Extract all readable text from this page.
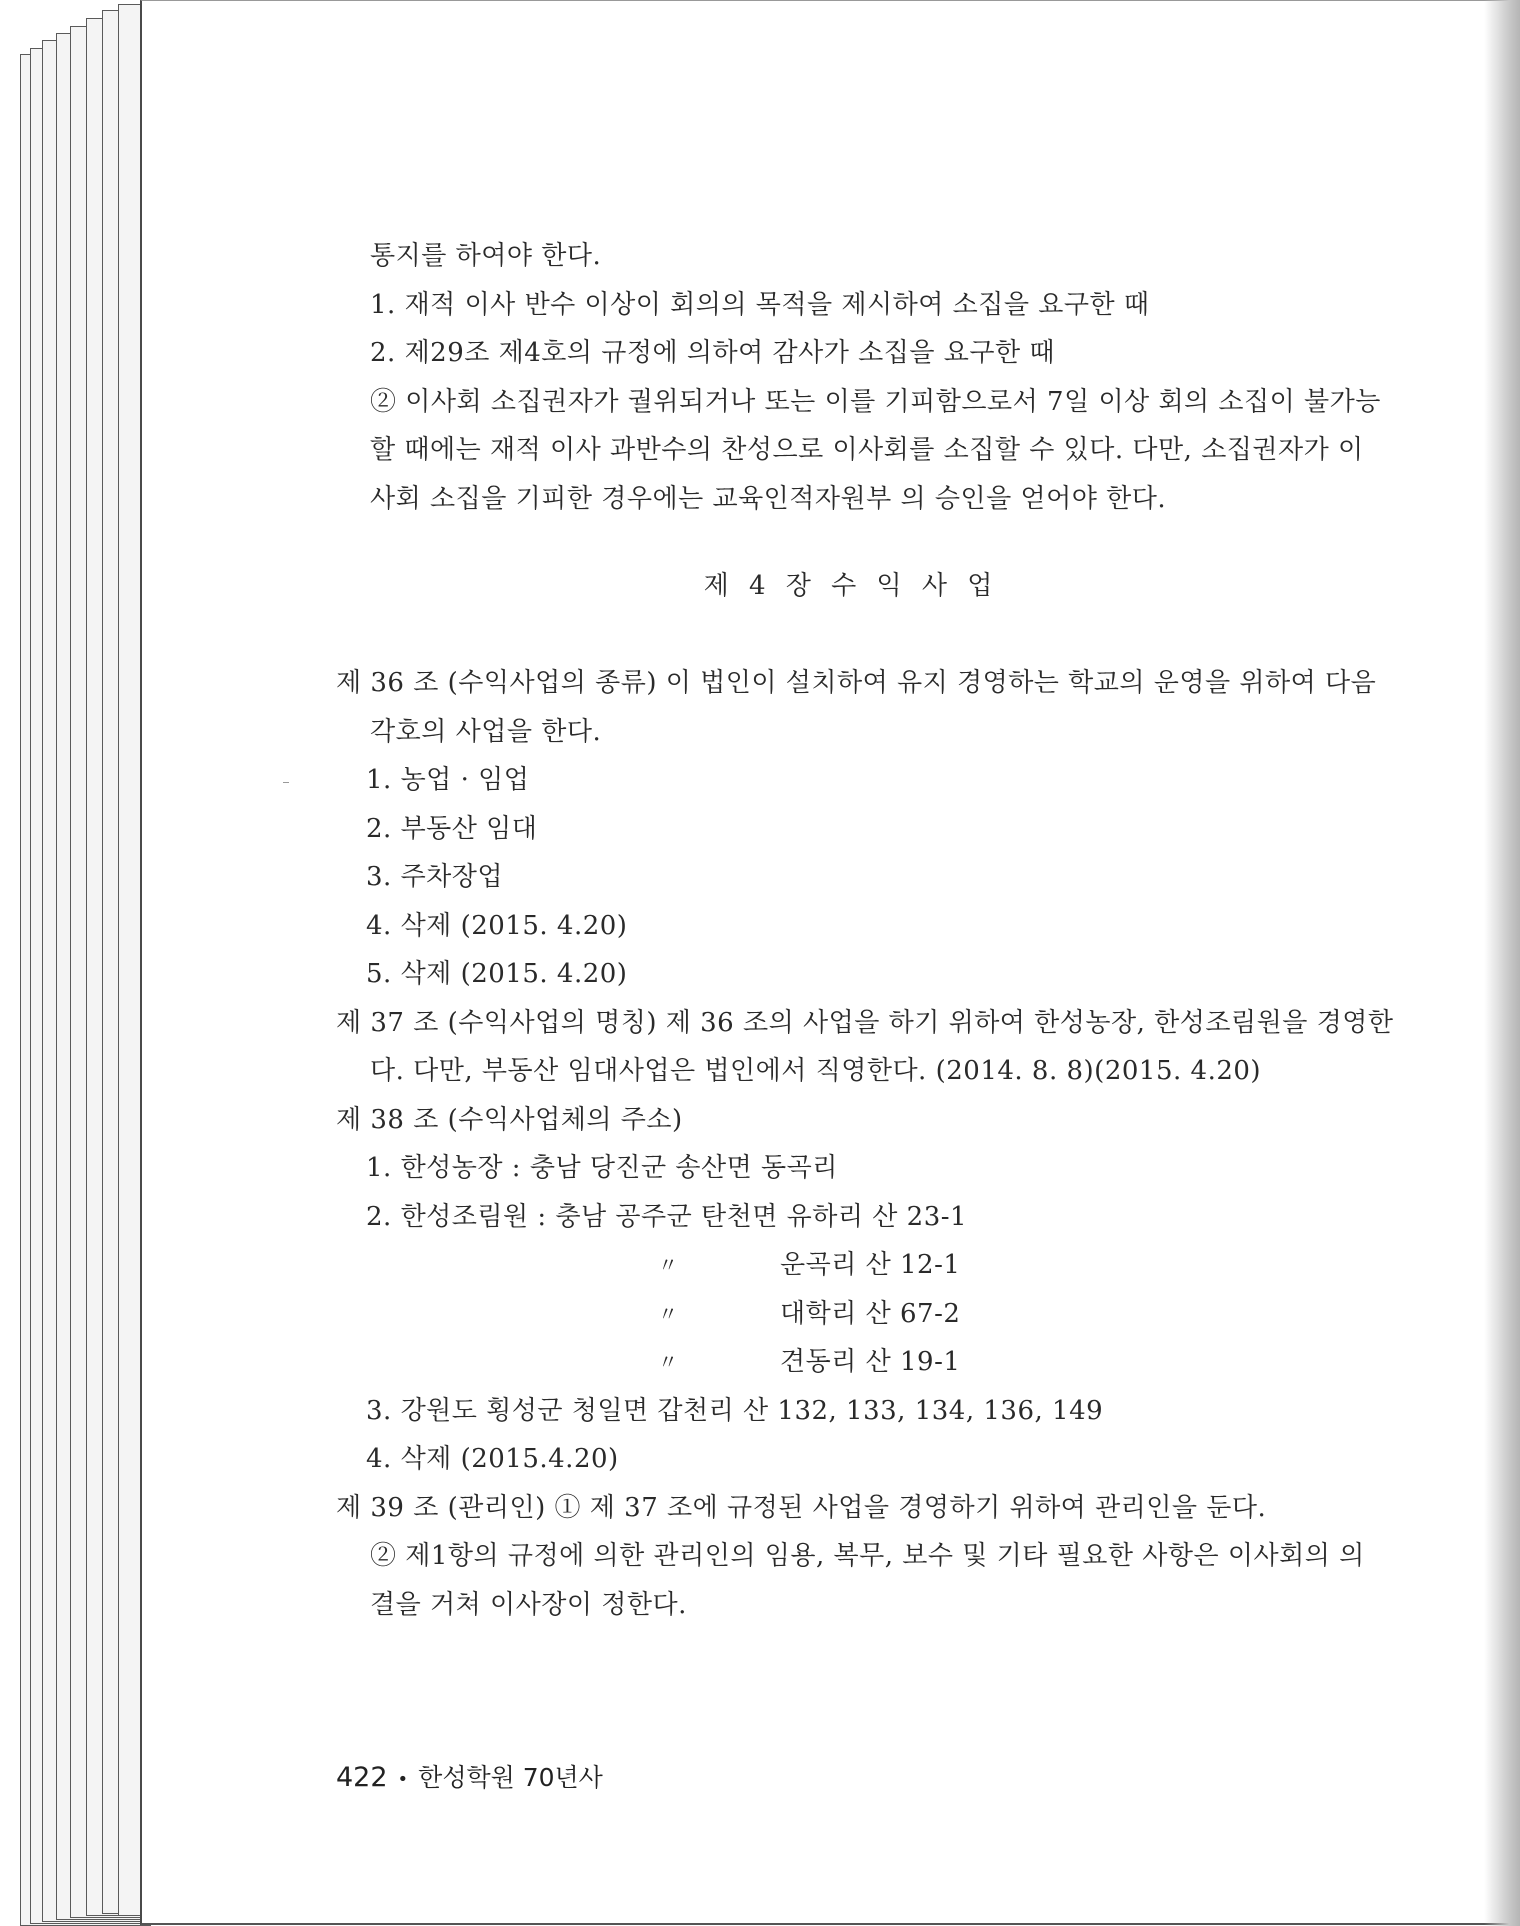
통지를 하여야 한다.
1. 재적 이사 반수 이상이 회의의 목적을 제시하여 소집을 요구한 때
2. 제29조 제4호의 규정에 의하여 감사가 소집을 요구한 때
② 이사회 소집권자가 궐위되거나 또는 이를 기피함으로서 7일 이상 회의 소집이 불가능
할 때에는 재적 이사 과반수의 찬성으로 이사회를 소집할 수 있다. 다만, 소집권자가 이
사회 소집을 기피한 경우에는 교육인적자원부 의 승인을 얻어야 한다.
제 4 장 수 익 사 업
제 36 조 (수익사업의 종류) 이 법인이 설치하여 유지 경영하는 학교의 운영을 위하여 다음
각호의 사업을 한다.
1. 농업 · 임업
2. 부동산 임대
3. 주차장업
4. 삭제 (2015. 4.20)
5. 삭제 (2015. 4.20)
제 37 조 (수익사업의 명칭) 제 36 조의 사업을 하기 위하여 한성농장, 한성조림원을 경영한
다. 다만, 부동산 임대사업은 법인에서 직영한다. (2014. 8. 8)(2015. 4.20)
제 38 조 (수익사업체의 주소)
1. 한성농장 : 충남 당진군 송산면 동곡리
2. 한성조림원 : 충남 공주군 탄천면 유하리 산 23-1
〃	운곡리 산 12-1
〃	대학리 산 67-2
〃	견동리 산 19-1
3. 강원도 횡성군 청일면 갑천리 산 132, 133, 134, 136, 149
4. 삭제 (2015.4.20)
제 39 조 (관리인) ① 제 37 조에 규정된 사업을 경영하기 위하여 관리인을 둔다.
② 제1항의 규정에 의한 관리인의 임용, 복무, 보수 및 기타 필요한 사항은 이사회의 의
결을 거쳐 이사장이 정한다.
422 • 한성학원 70년사
